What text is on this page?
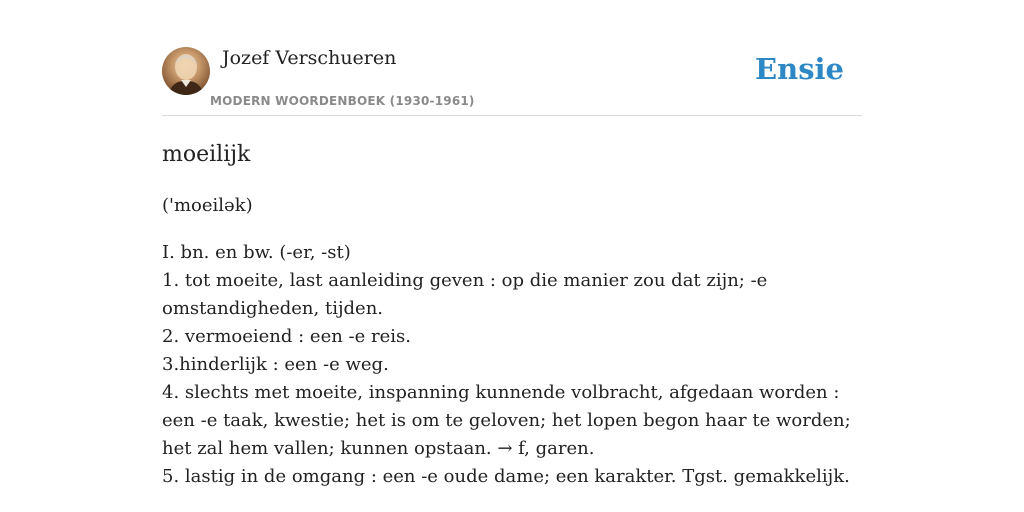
Jozef Verschueren
MODERN WOORDENBOEK (1930-1961)
Ensie
moeilijk
('moeilək)
I. bn. en bw. (-er, -st)
1. tot moeite, last aanleiding geven : op die manier zou dat zijn; -e omstandigheden, tijden.
2. vermoeiend : een -e reis.
3.hinderlijk : een -e weg.
4. slechts met moeite, inspanning kunnende volbracht, afgedaan worden : een -e taak, kwestie; het is om te geloven; het lopen begon haar te worden; het zal hem vallen; kunnen opstaan. → f, garen.
5. lastig in de omgang : een -e oude dame; een karakter. Tgst. gemakkelijk.
